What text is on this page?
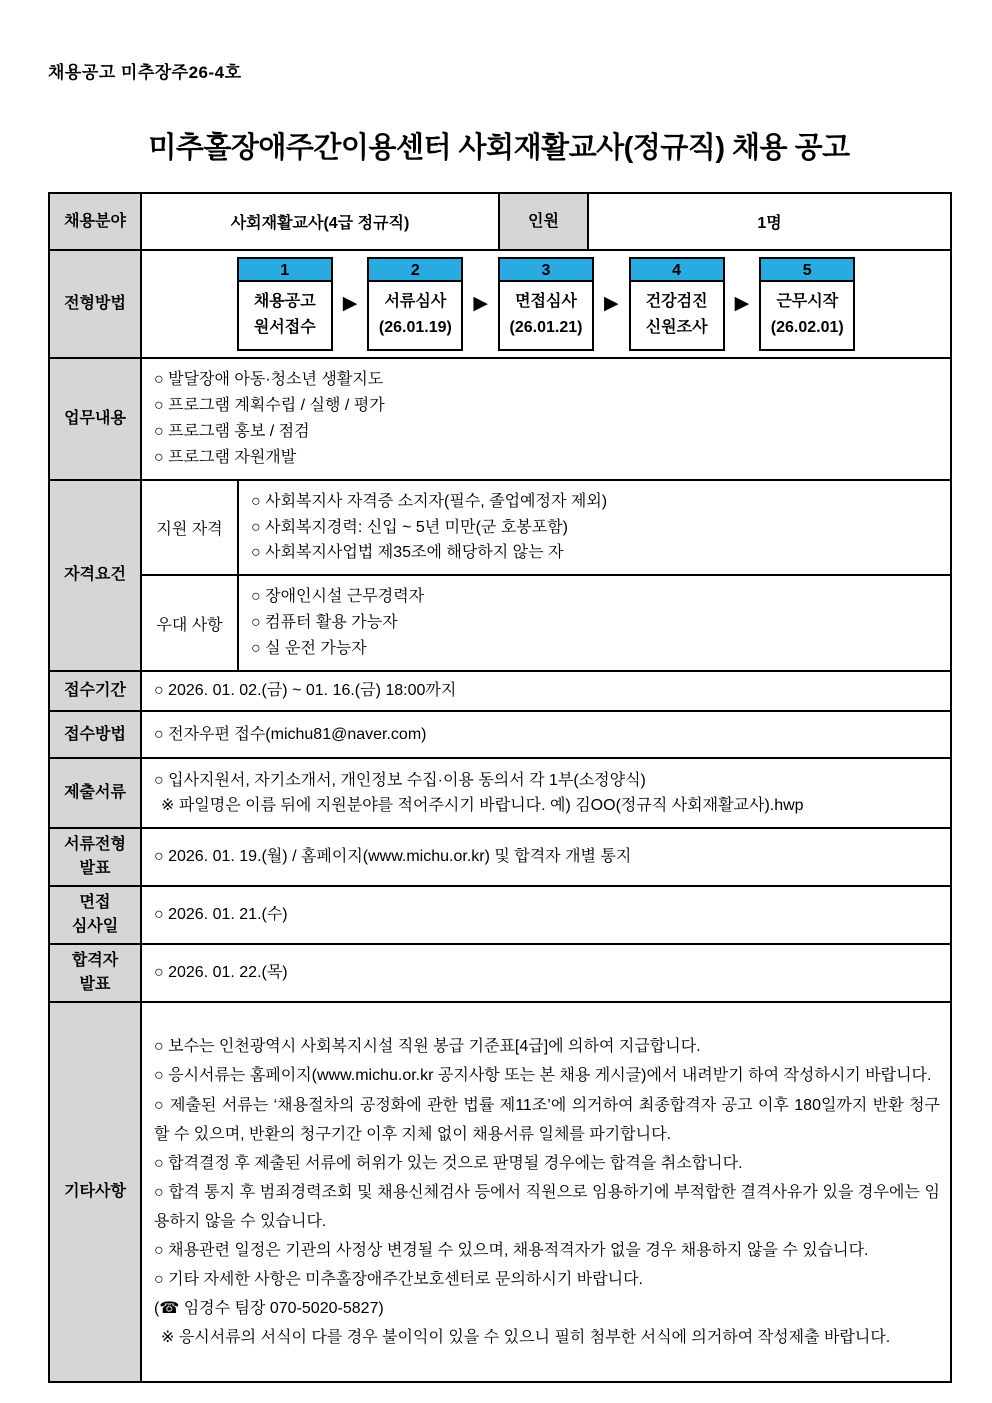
채용공고 미추장주26-4호
미추홀장애주간이용센터 사회재활교사(정규직) 채용 공고
채용분야	사회재활교사(4급 정규직)		인원	1명
전형방법	
1
채용공고
원서접수
▶
2
서류심사
(26.01.19)
▶
3
면접심사
(26.01.21)
▶
4
건강검진
신원조사
▶
5
근무시작
(26.02.01)

업무내용	○ 발달장애 아동·청소년 생활지도
○ 프로그램 계획수립 / 실행 / 평가
○ 프로그램 홍보 / 점검
○ 프로그램 자원개발			

자격요건	지원 자격	○ 사회복지사 자격증 소지자(필수, 졸업예정자 제외)
○ 사회복지경력: 신입 ~ 5년 미만(군 호봉포함)
○ 사회복지사업법 제35조에 해당하지 않는 자		

	우대 사항	○ 장애인시설 근무경력자
○ 컴퓨터 활용 가능자
○ 실 운전 가능자		

접수기간	○ 2026. 01. 02.(금) ~ 01. 16.(금) 18:00까지			

접수방법	○ 전자우편 접수(michu81@naver.com)			

제출서류	○ 입사지원서, 자기소개서, 개인정보 수집·이용 동의서 각 1부(소정양식)
※ 파일명은 이름 뒤에 지원분야를 적어주시기 바랍니다. 예) 김OO(정규직 사회재활교사).hwp			

서류전형 발표	○ 2026. 01. 19.(월) / 홈페이지(www.michu.or.kr) 및 합격자 개별 통지			

면접 심사일	○ 2026. 01. 21.(수)			

합격자 발표	○ 2026. 01. 22.(목)			

기타사항	
○ 보수는 인천광역시 사회복지시설 직원 봉급 기준표[4급]에 의하여 지급합니다.
○ 응시서류는 홈페이지(www.michu.or.kr 공지사항 또는 본 채용 게시글)에서 내려받기 하여 작성하시기 바랍니다.
○ 제출된 서류는 ‘채용절차의 공정화에 관한 법률 제11조’에 의거하여 최종합격자 공고 이후 180일까지 반환 청구할 수 있으며, 반환의 청구기간 이후 지체 없이 채용서류 일체를 파기합니다.
○ 합격결정 후 제출된 서류에 허위가 있는 것으로 판명될 경우에는 합격을 취소합니다.
○ 합격 통지 후 범죄경력조회 및 채용신체검사 등에서 직원으로 임용하기에 부적합한 결격사유가 있을 경우에는 임용하지 않을 수 있습니다.
○ 채용관련 일정은 기관의 사정상 변경될 수 있으며, 채용적격자가 없을 경우 채용하지 않을 수 있습니다.
○ 기타 자세한 사항은 미추홀장애주간보호센터로 문의하시기 바랍니다.
(☎ 임경수 팀장 070-5020-5827)
※ 응시서류의 서식이 다를 경우 불이익이 있을 수 있으니 필히 첨부한 서식에 의거하여 작성제출 바랍니다.
